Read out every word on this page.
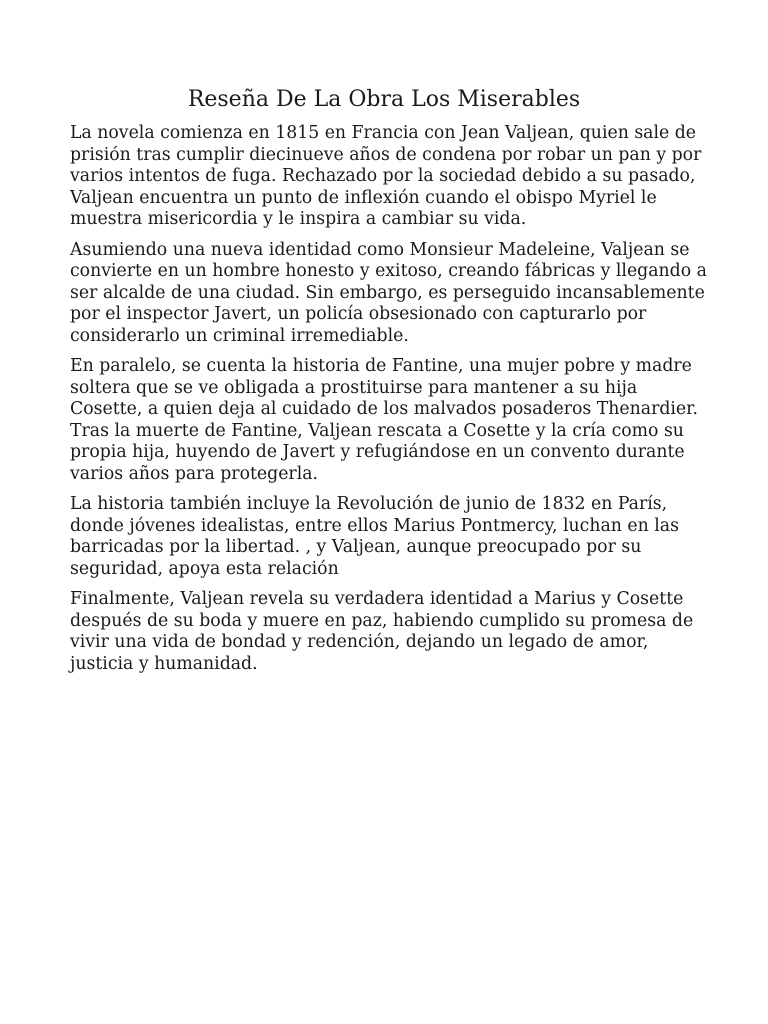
Reseña De La Obra Los Miserables

La novela comienza en 1815 en Francia con Jean Valjean, quien sale de prisión tras cumplir diecinueve años de condena por robar un pan y por varios intentos de fuga. Rechazado por la sociedad debido a su pasado, Valjean encuentra un punto de inflexión cuando el obispo Myriel le muestra misericordia y le inspira a cambiar su vida.

Asumiendo una nueva identidad como Monsieur Madeleine, Valjean se convierte en un hombre honesto y exitoso, creando fábricas y llegando a ser alcalde de una ciudad. Sin embargo, es perseguido incansablemente por el inspector Javert, un policía obsesionado con capturarlo por considerarlo un criminal irremediable.

En paralelo, se cuenta la historia de Fantine, una mujer pobre y madre soltera que se ve obligada a prostituirse para mantener a su hija Cosette, a quien deja al cuidado de los malvados posaderos Thenardier. Tras la muerte de Fantine, Valjean rescata a Cosette y la cría como su propia hija, huyendo de Javert y refugiándose en un convento durante varios años para protegerla.

La historia también incluye la Revolución de junio de 1832 en París, donde jóvenes idealistas, entre ellos Marius Pontmercy, luchan en las barricadas por la libertad. , y Valjean, aunque preocupado por su seguridad, apoya esta relación

Finalmente, Valjean revela su verdadera identidad a Marius y Cosette después de su boda y muere en paz, habiendo cumplido su promesa de vivir una vida de bondad y redención, dejando un legado de amor, justicia y humanidad.
